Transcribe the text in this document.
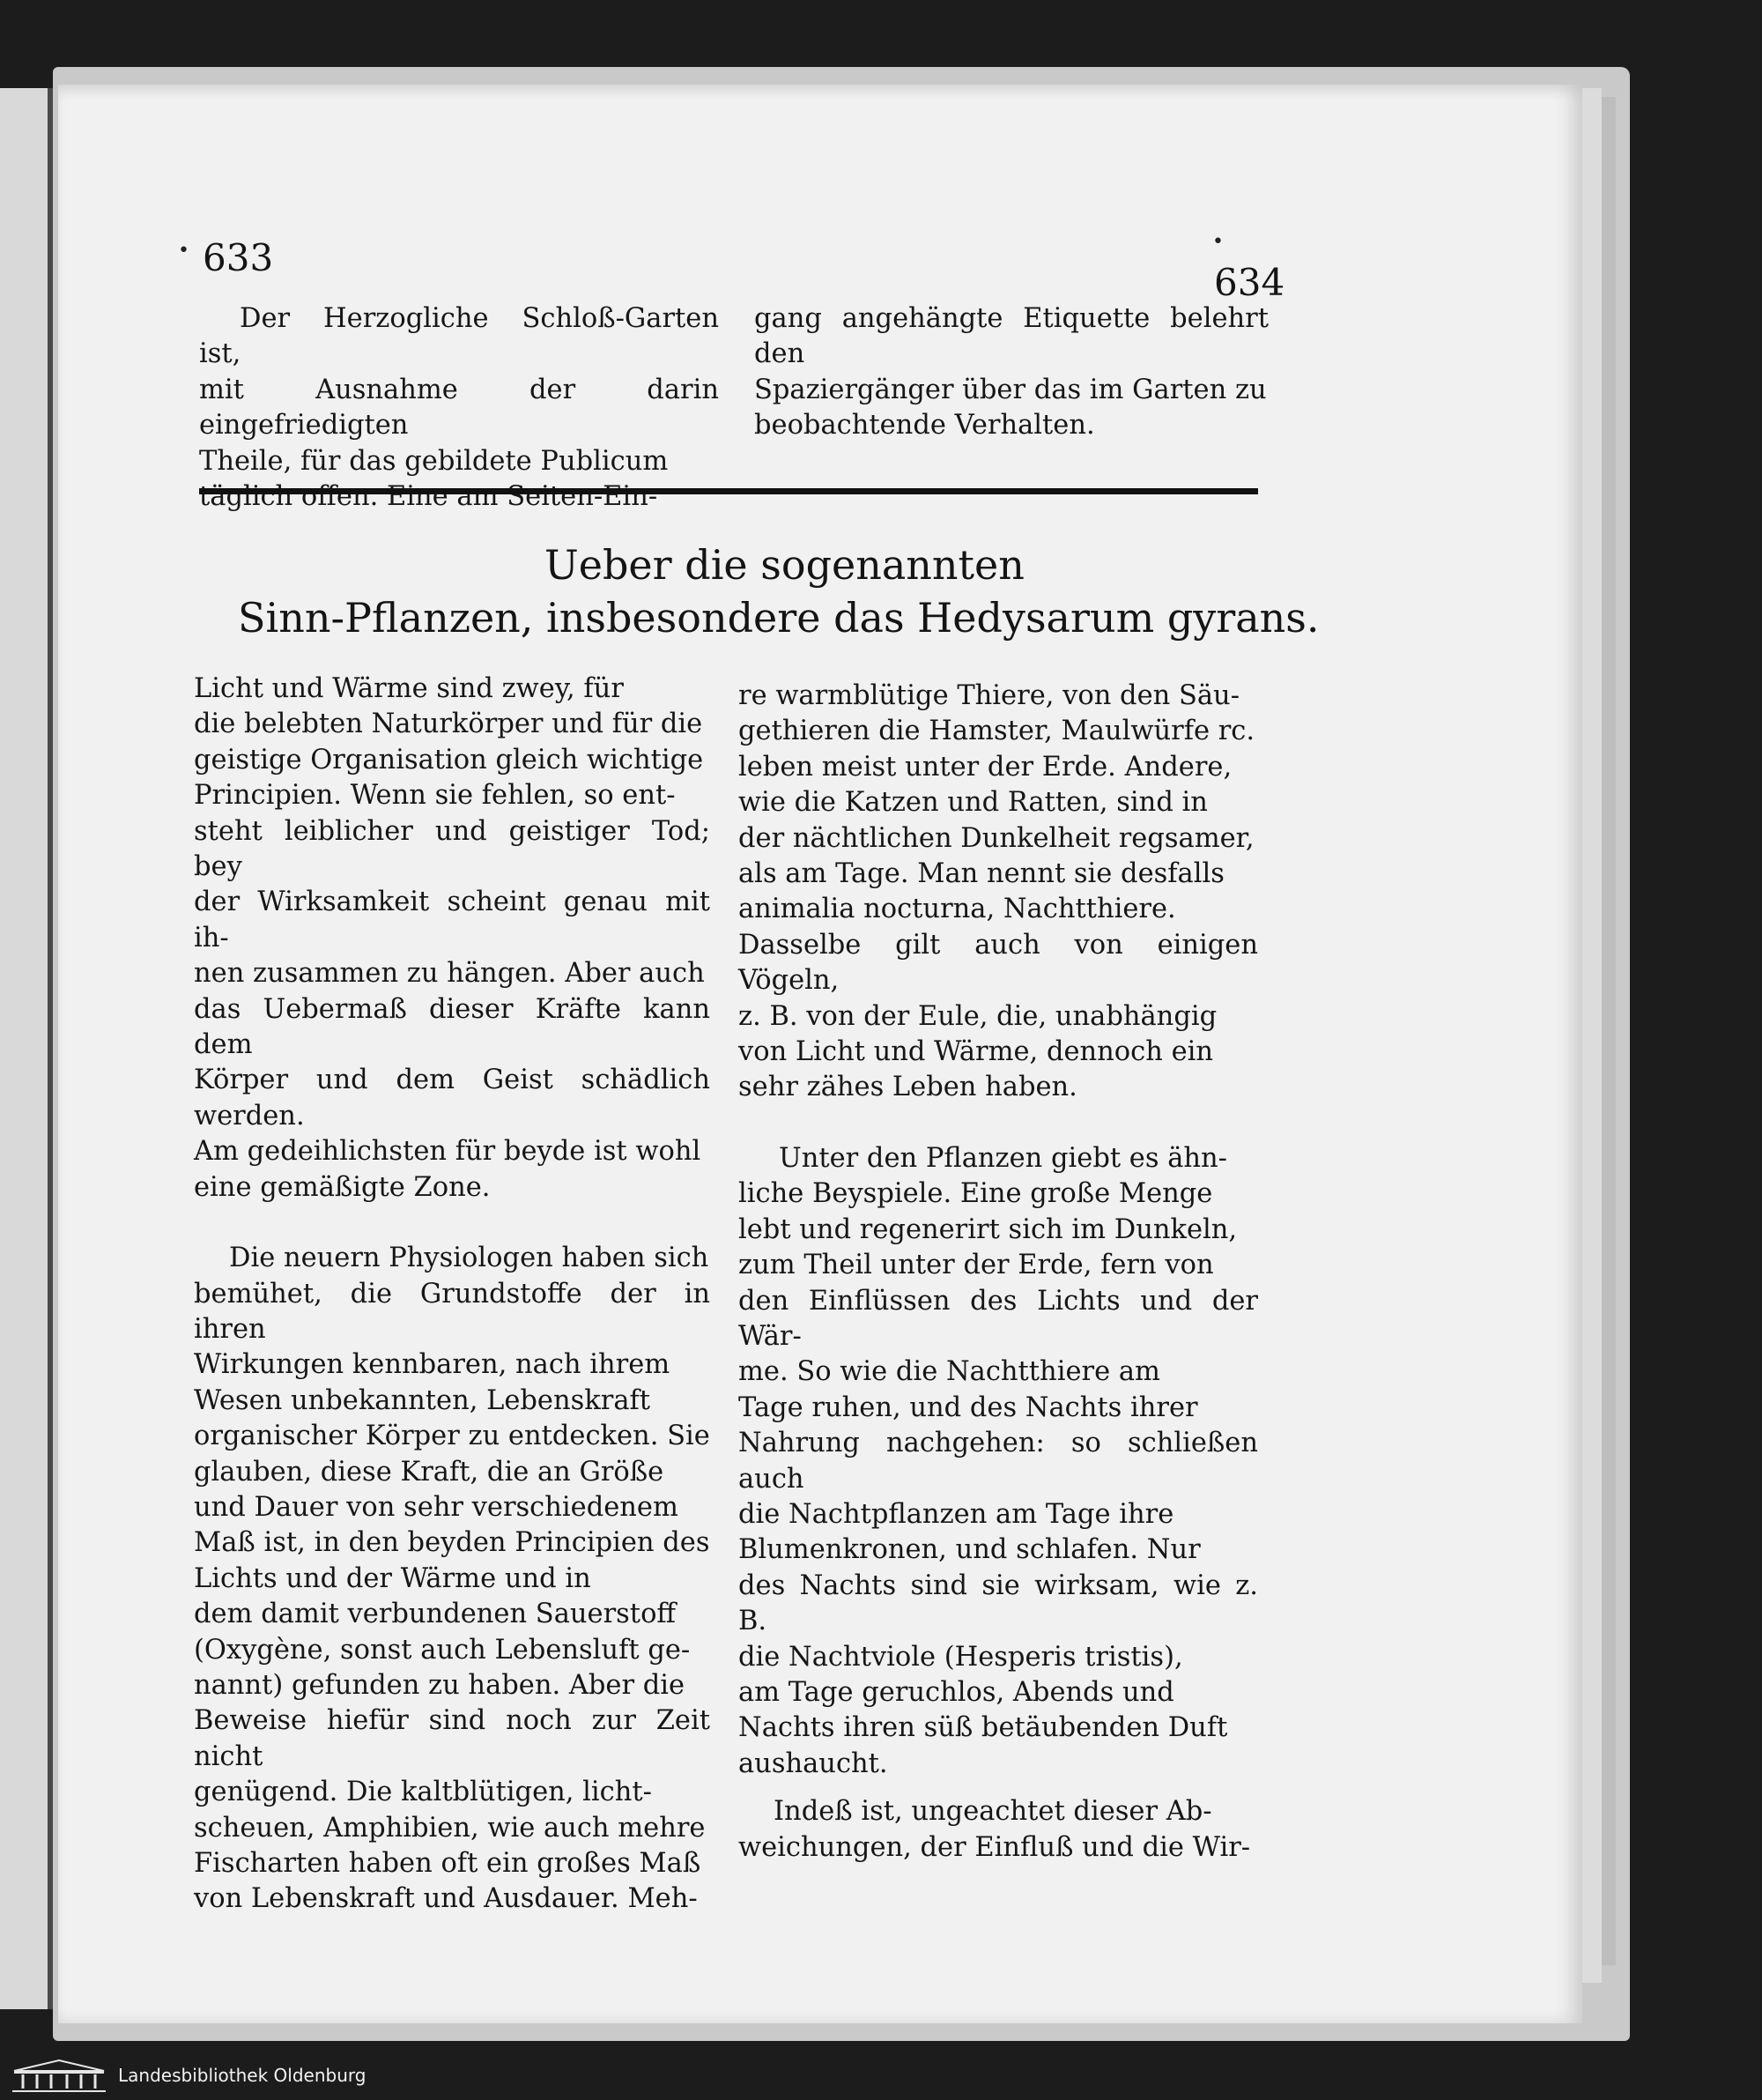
• 633	•
634

Der Herzogliche Schloß-Garten ist,

mit Ausnahme der darin eingefriedigten

Theile, für das gebildete Publicum

täglich offen. Eine am Seiten-Ein-

gang angehängte Etiquette belehrt den

Spaziergänger über das im Garten zu

beobachtende Verhalten.

Ueber die sogenannten
Sinn-Pflanzen, insbesondere das Hedysarum gyrans.

Licht und Wärme sind zwey, für

die belebten Naturkörper und für die

geistige Organisation gleich wichtige

Principien. Wenn sie fehlen, so ent-

steht leiblicher und geistiger Tod; bey

der Wirksamkeit scheint genau mit ih-

nen zusammen zu hängen. Aber auch

das Uebermaß dieser Kräfte kann dem

Körper und dem Geist schädlich werden.

Am gedeihlichsten für beyde ist wohl

eine gemäßigte Zone.

Die neuern Physiologen haben sich

bemühet, die Grundstoffe der in ihren

Wirkungen kennbaren, nach ihrem

Wesen unbekannten, Lebenskraft

organischer Körper zu entdecken. Sie

glauben, diese Kraft, die an Größe

und Dauer von sehr verschiedenem

Maß ist, in den beyden Principien des

Lichts und der Wärme und in

dem damit verbundenen Sauerstoff

(Oxygène, sonst auch Lebensluft ge-

nannt) gefunden zu haben. Aber die

Beweise hiefür sind noch zur Zeit nicht

genügend. Die kaltblütigen, licht-

scheuen, Amphibien, wie auch mehre

Fischarten haben oft ein großes Maß

von Lebenskraft und Ausdauer. Meh-

re warmblütige Thiere, von den Säu-

gethieren die Hamster, Maulwürfe rc.

leben meist unter der Erde. Andere,

wie die Katzen und Ratten, sind in

der nächtlichen Dunkelheit regsamer,

als am Tage. Man nennt sie desfalls

animalia nocturna, Nachtthiere.

Dasselbe gilt auch von einigen Vögeln,

z. B. von der Eule, die, unabhängig

von Licht und Wärme, dennoch ein

sehr zähes Leben haben.

Unter den Pflanzen giebt es ähn-

liche Beyspiele. Eine große Menge

lebt und regenerirt sich im Dunkeln,

zum Theil unter der Erde, fern von

den Einflüssen des Lichts und der Wär-

me. So wie die Nachtthiere am

Tage ruhen, und des Nachts ihrer

Nahrung nachgehen: so schließen auch

die Nachtpflanzen am Tage ihre

Blumenkronen, und schlafen. Nur

des Nachts sind sie wirksam, wie z. B.

die Nachtviole (Hesperis tristis),

am Tage geruchlos, Abends und

Nachts ihren süß betäubenden Duft

aushaucht.

Indeß ist, ungeachtet dieser Ab-

weichungen, der Einfluß und die Wir-

Landesbibliothek Oldenburg
